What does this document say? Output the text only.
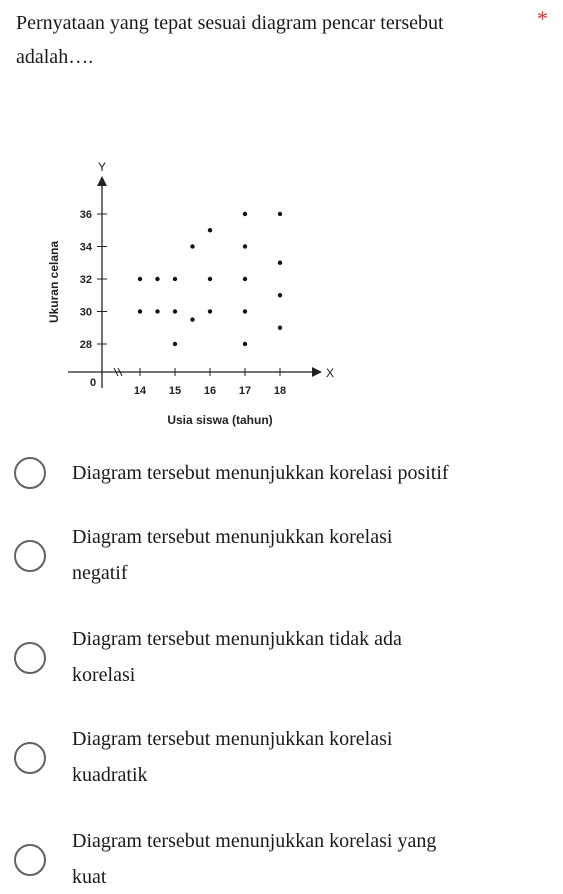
Pernyataan yang tepat sesuai diagram pencar tersebut adalah….
*
X
Y
0
14 15 16 17 18
28
30
32
34
36
Usia siswa (tahun)
Ukuran celana
Diagram tersebut menunjukkan korelasi positif
Diagram tersebut menunjukkan korelasi
negatif
Diagram tersebut menunjukkan tidak ada
korelasi
Diagram tersebut menunjukkan korelasi
kuadratik
Diagram tersebut menunjukkan korelasi yang
kuat
